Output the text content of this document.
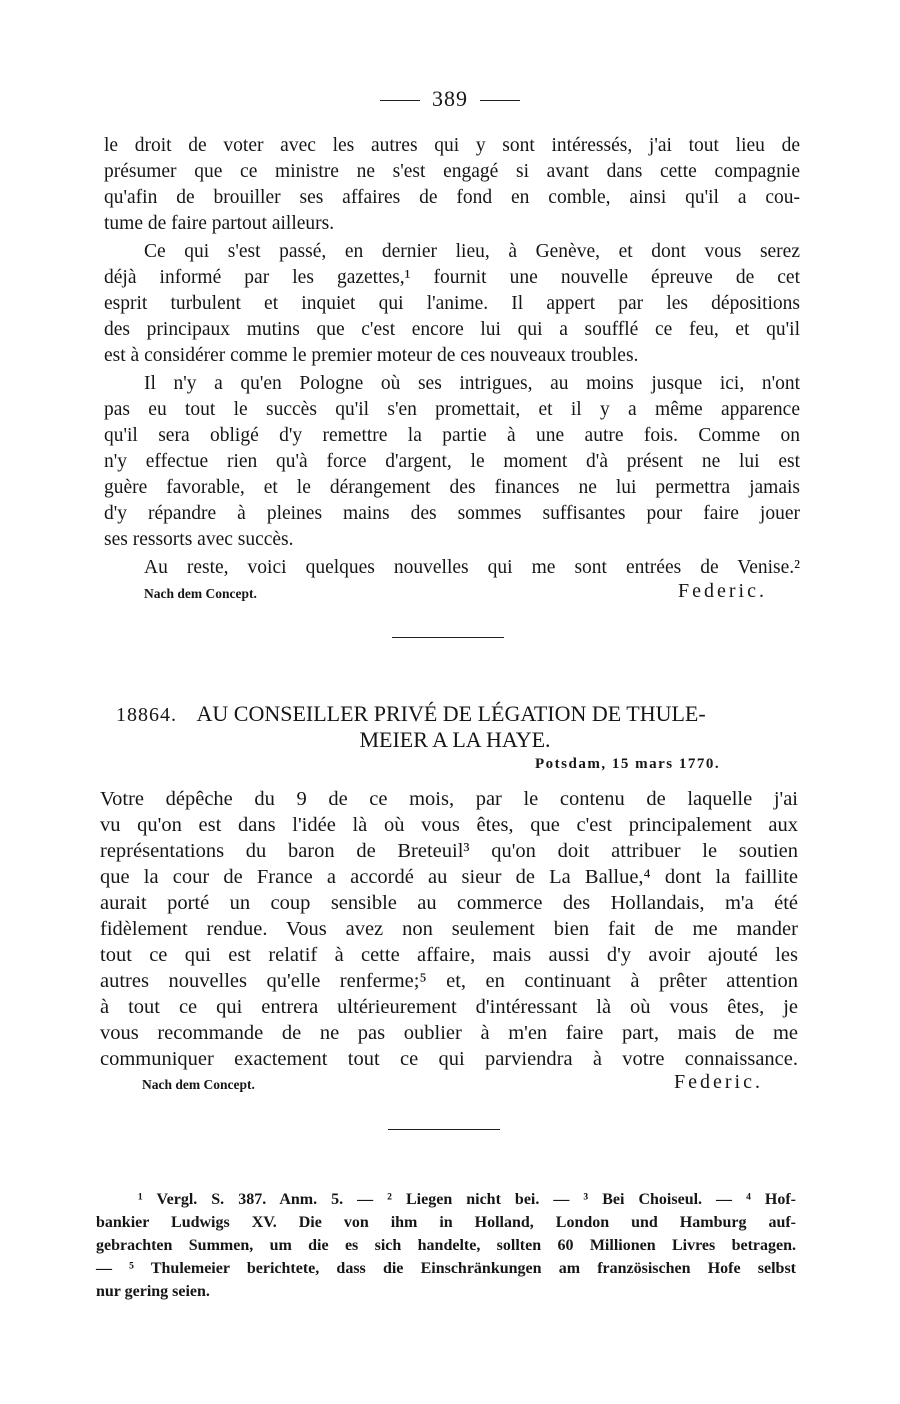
389
le droit de voter avec les autres qui y sont intéressés, j'ai tout lieu de
présumer que ce ministre ne s'est engagé si avant dans cette compagnie
qu'afin de brouiller ses affaires de fond en comble, ainsi qu'il a cou-
tume de faire partout ailleurs.
Ce qui s'est passé, en dernier lieu, à Genève, et dont vous serez
déjà informé par les gazettes,¹ fournit une nouvelle épreuve de cet
esprit turbulent et inquiet qui l'anime. Il appert par les dépositions
des principaux mutins que c'est encore lui qui a soufflé ce feu, et qu'il
est à considérer comme le premier moteur de ces nouveaux troubles.
Il n'y a qu'en Pologne où ses intrigues, au moins jusque ici, n'ont
pas eu tout le succès qu'il s'en promettait, et il y a même apparence
qu'il sera obligé d'y remettre la partie à une autre fois. Comme on
n'y effectue rien qu'à force d'argent, le moment d'à présent ne lui est
guère favorable, et le dérangement des finances ne lui permettra jamais
d'y répandre à pleines mains des sommes suffisantes pour faire jouer
ses ressorts avec succès.
Au reste, voici quelques nouvelles qui me sont entrées de Venise.²
Nach dem Concept.	Federic.
18864. AU CONSEILLER PRIVÉ DE LÉGATION DE THULE-
MEIER A LA HAYE.
Potsdam, 15 mars 1770.
Votre dépêche du 9 de ce mois, par le contenu de laquelle j'ai
vu qu'on est dans l'idée là où vous êtes, que c'est principalement aux
représentations du baron de Breteuil³ qu'on doit attribuer le soutien
que la cour de France a accordé au sieur de La Ballue,⁴ dont la faillite
aurait porté un coup sensible au commerce des Hollandais, m'a été
fidèlement rendue. Vous avez non seulement bien fait de me mander
tout ce qui est relatif à cette affaire, mais aussi d'y avoir ajouté les
autres nouvelles qu'elle renferme;⁵ et, en continuant à prêter attention
à tout ce qui entrera ultérieurement d'intéressant là où vous êtes, je
vous recommande de ne pas oublier à m'en faire part, mais de me
communiquer exactement tout ce qui parviendra à votre connaissance.
Nach dem Concept.	Federic.
¹ Vergl. S. 387. Anm. 5. — ² Liegen nicht bei. — ³ Bei Choiseul. — ⁴ Hof-
bankier Ludwigs XV. Die von ihm in Holland, London und Hamburg auf-
gebrachten Summen, um die es sich handelte, sollten 60 Millionen Livres betragen.
— ⁵ Thulemeier berichtete, dass die Einschränkungen am französischen Hofe selbst
nur gering seien.
